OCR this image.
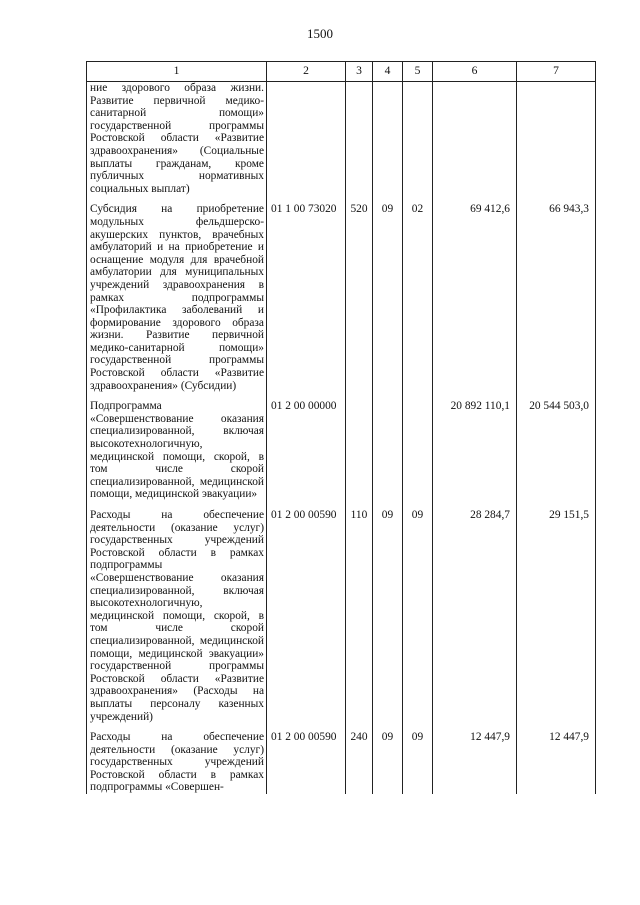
1500
1	2	3	4	5	6	7
ние здорового образа жизни. Развитие первичной медико-санитарной помощи» государственной программы Ростовской области «Развитие здравоохранения» (Социальные выплаты гражданам, кроме публичных нормативных социальных выплат)						
Субсидия на приобретение модульных фельдшерско-акушерских пунктов, врачебных амбулаторий и на приобретение и оснащение модуля для врачебной амбулатории для муниципальных учреждений здравоохранения в рамках подпрограммы «Профилактика заболеваний и формирование здорового образа жизни. Развитие первичной медико-санитарной помощи» государственной программы Ростовской области «Развитие здравоохранения» (Субсидии)	01 1 00 73020	520	09	02	69 412,6	66 943,3
Подпрограмма «Совершенствование оказания специализированной, включая высокотехнологичную, медицинской помощи, скорой, в том числе скорой специализированной, медицинской помощи, медицинской эвакуации»	01 2 00 00000				20 892 110,1	20 544 503,0
Расходы на обеспечение деятельности (оказание услуг) государственных учреждений Ростовской области в рамках подпрограммы «Совершенствование оказания специализированной, включая высокотехнологичную, медицинской помощи, скорой, в том числе скорой специализированной, медицинской помощи, медицинской эвакуации» государственной программы Ростовской области «Развитие здравоохранения» (Расходы на выплаты персоналу казенных учреждений)	01 2 00 00590	110	09	09	28 284,7	29 151,5
Расходы на обеспечение деятельности (оказание услуг) государственных учреждений Ростовской области в рамках подпрограммы «Совершен-	01 2 00 00590	240	09	09	12 447,9	12 447,9
